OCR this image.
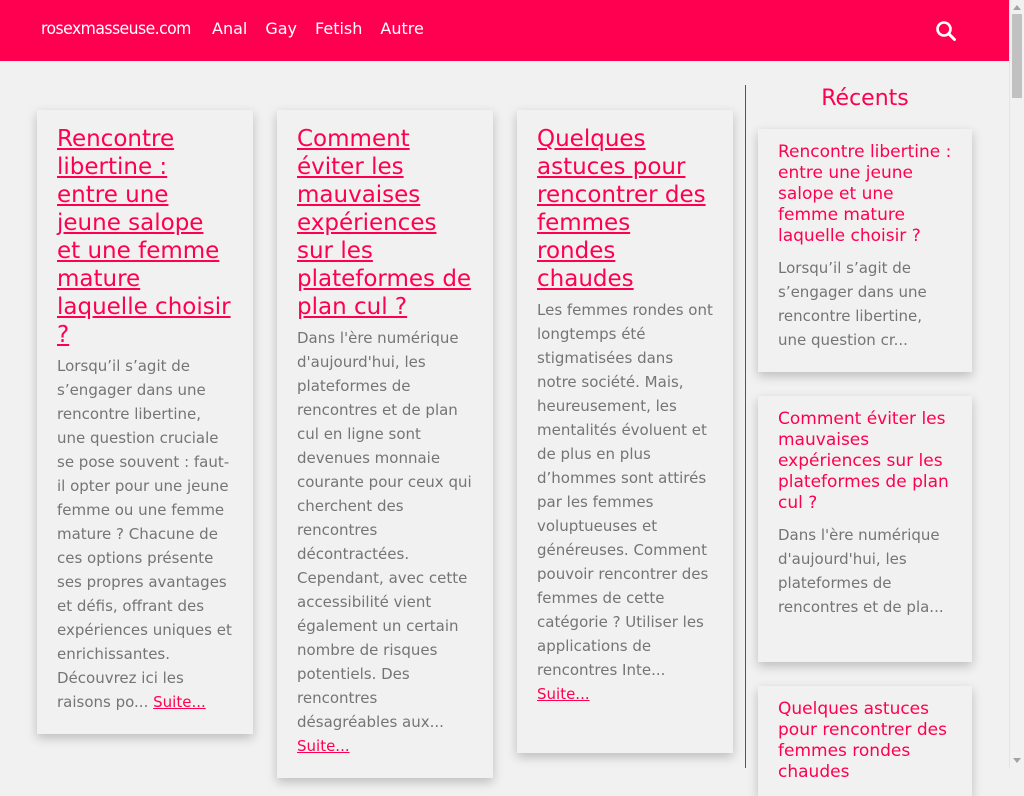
rosexmasseuse.com Anal Gay Fetish Autre
Rencontre libertine : entre une jeune salope et une femme mature laquelle choisir ?

Lorsqu’il s’agit de s’engager dans une rencontre libertine, une question cruciale se pose souvent : faut-il opter pour une jeune femme ou une femme mature ? Chacune de ces options présente ses propres avantages et défis, offrant des expériences uniques et enrichissantes. Découvrez ici les raisons po... Suite...

Comment éviter les mauvaises expériences sur les plateformes de plan cul ?

Dans l'ère numérique d'aujourd'hui, les plateformes de rencontres et de plan cul en ligne sont devenues monnaie courante pour ceux qui cherchent des rencontres décontractées. Cependant, avec cette accessibilité vient également un certain nombre de risques potentiels. Des rencontres désagréables aux...
Suite...

Quelques astuces pour rencontrer des femmes rondes chaudes

Les femmes rondes ont longtemps été stigmatisées dans notre société. Mais, heureusement, les mentalités évoluent et de plus en plus d’hommes sont attirés par les femmes voluptueuses et généreuses. Comment pouvoir rencontrer des femmes de cette catégorie ? Utiliser les applications de rencontres Inte...
Suite...

Récents
Rencontre libertine : entre une jeune salope et une femme mature laquelle choisir ?

Lorsqu’il s’agit de s’engager dans une rencontre libertine, une question cr...

Comment éviter les mauvaises expériences sur les plateformes de plan cul ?

Dans l'ère numérique d'aujourd'hui, les plateformes de rencontres et de pla...

Quelques astuces pour rencontrer des femmes rondes chaudes
